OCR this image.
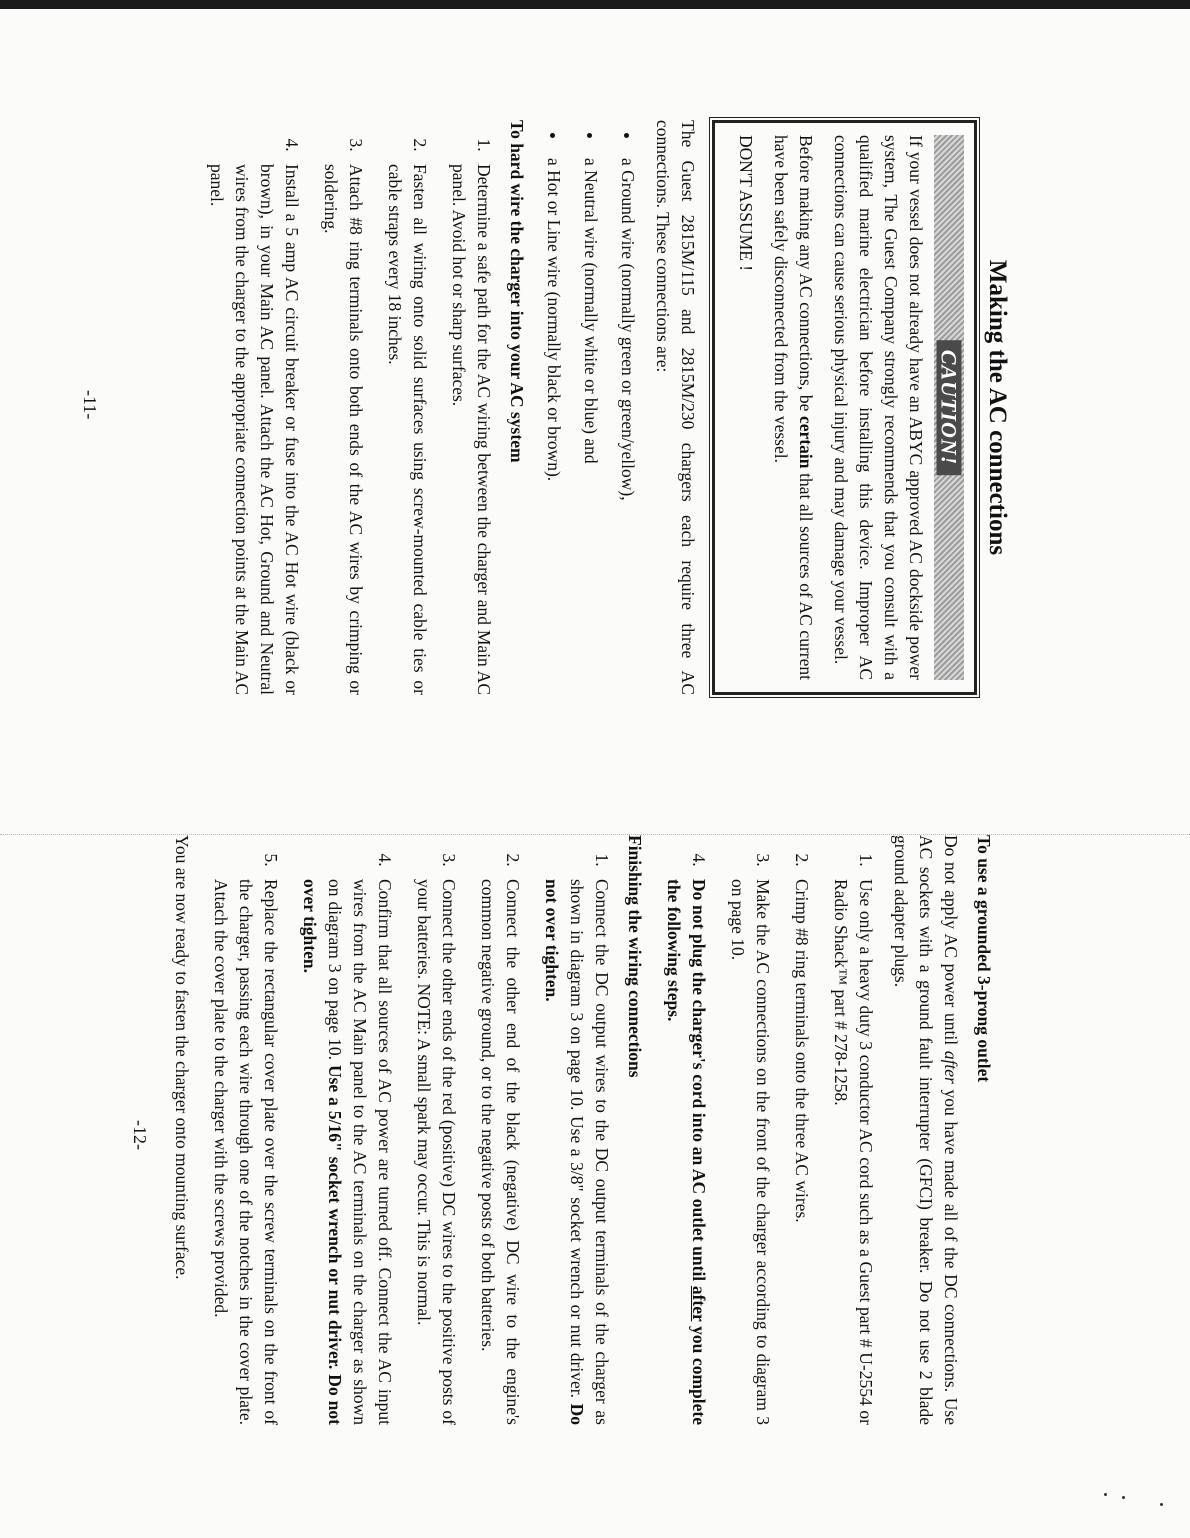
Making the AC connections
CAUTION!

If your vessel does not already have an ABYC approved AC dockside power system, The Guest Company strongly recommends that you consult with a qualified marine electrician before installing this device. Improper AC connections can cause serious physical injury and may damage your vessel.

Before making any AC connections, be certain that all sources of AC current have been safely disconnected from the vessel.

DON'T ASSUME !

The Guest 2815M/115 and 2815M/230 chargers each require three AC connections. These connections are:

• a Ground wire (normally green or green/yellow),
• a Neutral wire (normally white or blue) and
• a Hot or Line wire (normally black or brown).
To hard wire the charger into your AC system
1. Determine a safe path for the AC wiring between the charger and Main AC panel. Avoid hot or sharp surfaces.
2. Fasten all wiring onto solid surfaces using screw-mounted cable ties or cable straps every 18 inches.
3. Attach #8 ring terminals onto both ends of the AC wires by crimping or soldering.
4. Install a 5 amp AC circuit breaker or fuse into the AC Hot wire (black or brown), in your Main AC panel. Attach the AC Hot, Ground and Neutral wires from the charger to the appropriate connection points at the Main AC panel.
-11-
To use a grounded 3-prong outlet

Do not apply AC power until after you have made all of the DC connections. Use AC sockets with a ground fault interrupter (GFCI) breaker. Do not use 2 blade ground adapter plugs.

1. Use only a heavy duty 3 conductor AC cord such as a Guest part # U-2554 or Radio Shack™ part # 278-1258.
2. Crimp #8 ring terminals onto the three AC wires.
3. Make the AC connections on the front of the charger according to diagram 3 on page 10.
4. Do not plug the charger's cord into an AC outlet until after you complete the following steps.
Finishing the wiring connections
1. Connect the DC output wires to the DC output terminals of the charger as shown in diagram 3 on page 10. Use a 3/8" socket wrench or nut driver. Do not over tighten.
2. Connect the other end of the black (negative) DC wire to the engine's common negative ground, or to the negative posts of both batteries.
3. Connect the other ends of the red (positive) DC wires to the positive posts of your batteries. NOTE: A small spark may occur. This is normal.
4. Confirm that all sources of AC power are turned off. Connect the AC input wires from the AC Main panel to the AC terminals on the charger as shown on diagram 3 on page 10. Use a 5/16" socket wrench or nut driver. Do not over tighten.
5. Replace the rectangular cover plate over the screw terminals on the front of the charger, passing each wire through one of the notches in the cover plate. Attach the cover plate to the charger with the screws provided.

You are now ready to fasten the charger onto mounting surface.

-12-
